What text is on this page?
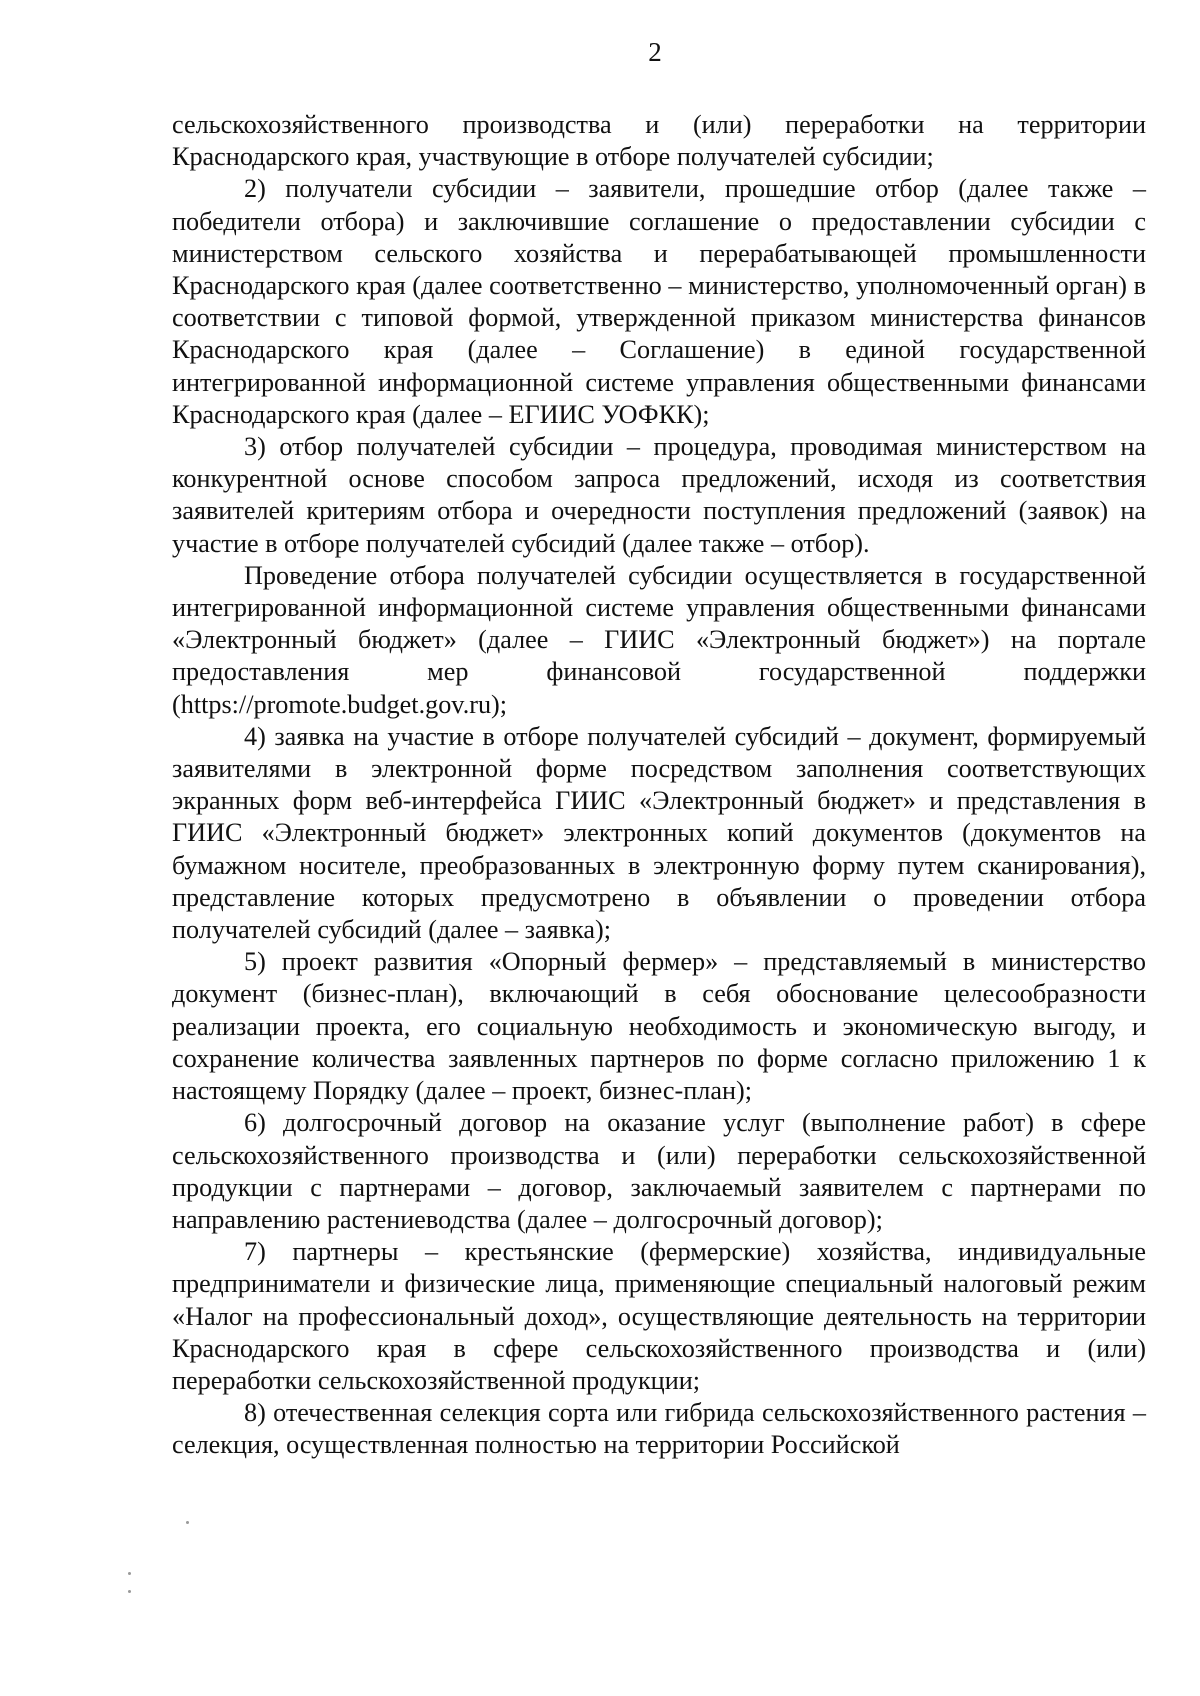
2

сельскохозяйственного производства и (или) переработки на территории Краснодарского края, участвующие в отборе получателей субсидии;

2) получатели субсидии – заявители, прошедшие отбор (далее также – победители отбора) и заключившие соглашение о предоставлении субсидии с министерством сельского хозяйства и перерабатывающей промышленности Краснодарского края (далее соответственно – министерство, уполномоченный орган) в соответствии с типовой формой, утвержденной приказом министерства финансов Краснодарского края (далее – Соглашение) в единой государственной интегрированной информационной системе управления общественными финансами Краснодарского края (далее – ЕГИИС УОФКК);

3) отбор получателей субсидии – процедура, проводимая министерством на конкурентной основе способом запроса предложений, исходя из соответствия заявителей критериям отбора и очередности поступления предложений (заявок) на участие в отборе получателей субсидий (далее также – отбор).

Проведение отбора получателей субсидии осуществляется в государственной интегрированной информационной системе управления общественными финансами «Электронный бюджет» (далее – ГИИС «Электронный бюджет») на портале предоставления мер финансовой государственной поддержки (https://promote.budget.gov.ru);

4) заявка на участие в отборе получателей субсидий – документ, формируемый заявителями в электронной форме посредством заполнения соответствующих экранных форм веб-интерфейса ГИИС «Электронный бюджет» и представления в ГИИС «Электронный бюджет» электронных копий документов (документов на бумажном носителе, преобразованных в электронную форму путем сканирования), представление которых предусмотрено в объявлении о проведении отбора получателей субсидий (далее – заявка);

5) проект развития «Опорный фермер» – представляемый в министерство документ (бизнес-план), включающий в себя обоснование целесообразности реализации проекта, его социальную необходимость и экономическую выгоду, и сохранение количества заявленных партнеров по форме согласно приложению 1 к настоящему Порядку (далее – проект, бизнес-план);

6) долгосрочный договор на оказание услуг (выполнение работ) в сфере сельскохозяйственного производства и (или) переработки сельскохозяйственной продукции с партнерами – договор, заключаемый заявителем с партнерами по направлению растениеводства (далее – долгосрочный договор);

7) партнеры – крестьянские (фермерские) хозяйства, индивидуальные предприниматели и физические лица, применяющие специальный налоговый режим «Налог на профессиональный доход», осуществляющие деятельность на территории Краснодарского края в сфере сельскохозяйственного производства и (или) переработки сельскохозяйственной продукции;

8) отечественная селекция сорта или гибрида сельскохозяйственного растения – селекция, осуществленная полностью на территории Российской
